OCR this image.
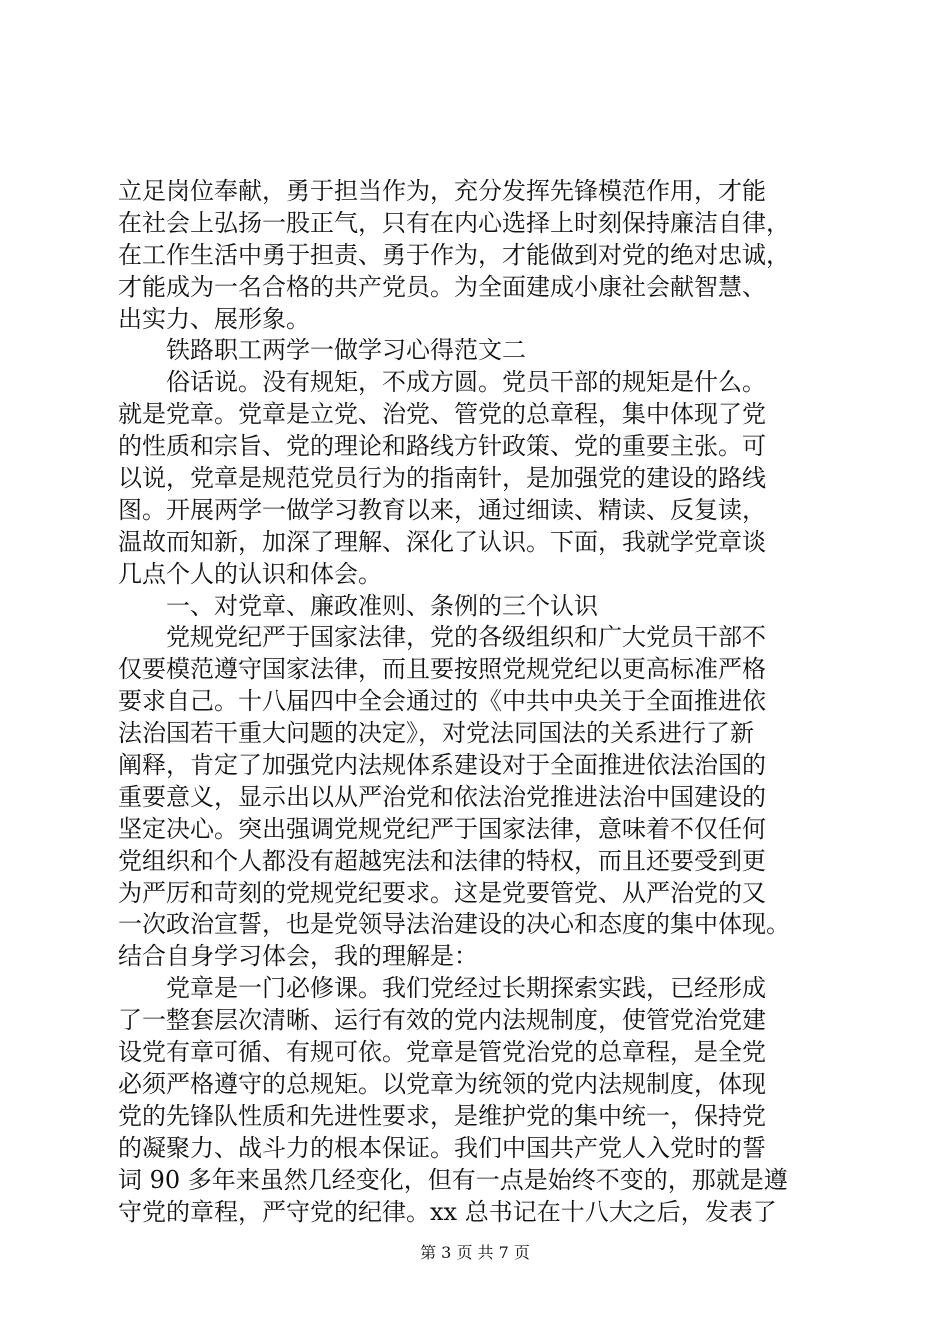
立足岗位奉献，勇于担当作为，充分发挥先锋模范作用，才能
在社会上弘扬一股正气，只有在内心选择上时刻保持廉洁自律，
在工作生活中勇于担责、勇于作为，才能做到对党的绝对忠诚，
才能成为一名合格的共产党员。为全面建成小康社会献智慧、
出实力、展形象。
　　铁路职工两学一做学习心得范文二
　　俗话说。没有规矩，不成方圆。党员干部的规矩是什么。
就是党章。党章是立党、治党、管党的总章程，集中体现了党
的性质和宗旨、党的理论和路线方针政策、党的重要主张。可
以说，党章是规范党员行为的指南针，是加强党的建设的路线
图。开展两学一做学习教育以来，通过细读、精读、反复读，
温故而知新，加深了理解、深化了认识。下面，我就学党章谈
几点个人的认识和体会。
　　一、对党章、廉政准则、条例的三个认识
　　党规党纪严于国家法律，党的各级组织和广大党员干部不
仅要模范遵守国家法律，而且要按照党规党纪以更高标准严格
要求自己。十八届四中全会通过的《中共中央关于全面推进依
法治国若干重大问题的决定》，对党法同国法的关系进行了新
阐释，肯定了加强党内法规体系建设对于全面推进依法治国的
重要意义，显示出以从严治党和依法治党推进法治中国建设的
坚定决心。突出强调党规党纪严于国家法律，意味着不仅任何
党组织和个人都没有超越宪法和法律的特权，而且还要受到更
为严厉和苛刻的党规党纪要求。这是党要管党、从严治党的又
一次政治宣誓，也是党领导法治建设的决心和态度的集中体现。
结合自身学习体会，我的理解是：
　　党章是一门必修课。我们党经过长期探索实践，已经形成
了一整套层次清晰、运行有效的党内法规制度，使管党治党建
设党有章可循、有规可依。党章是管党治党的总章程，是全党
必须严格遵守的总规矩。以党章为统领的党内法规制度，体现
党的先锋队性质和先进性要求，是维护党的集中统一，保持党
的凝聚力、战斗力的根本保证。我们中国共产党人入党时的誓
词 90 多年来虽然几经变化，但有一点是始终不变的，那就是遵
守党的章程，严守党的纪律。xx 总书记在十八大之后，发表了
第 3 页 共 7 页
